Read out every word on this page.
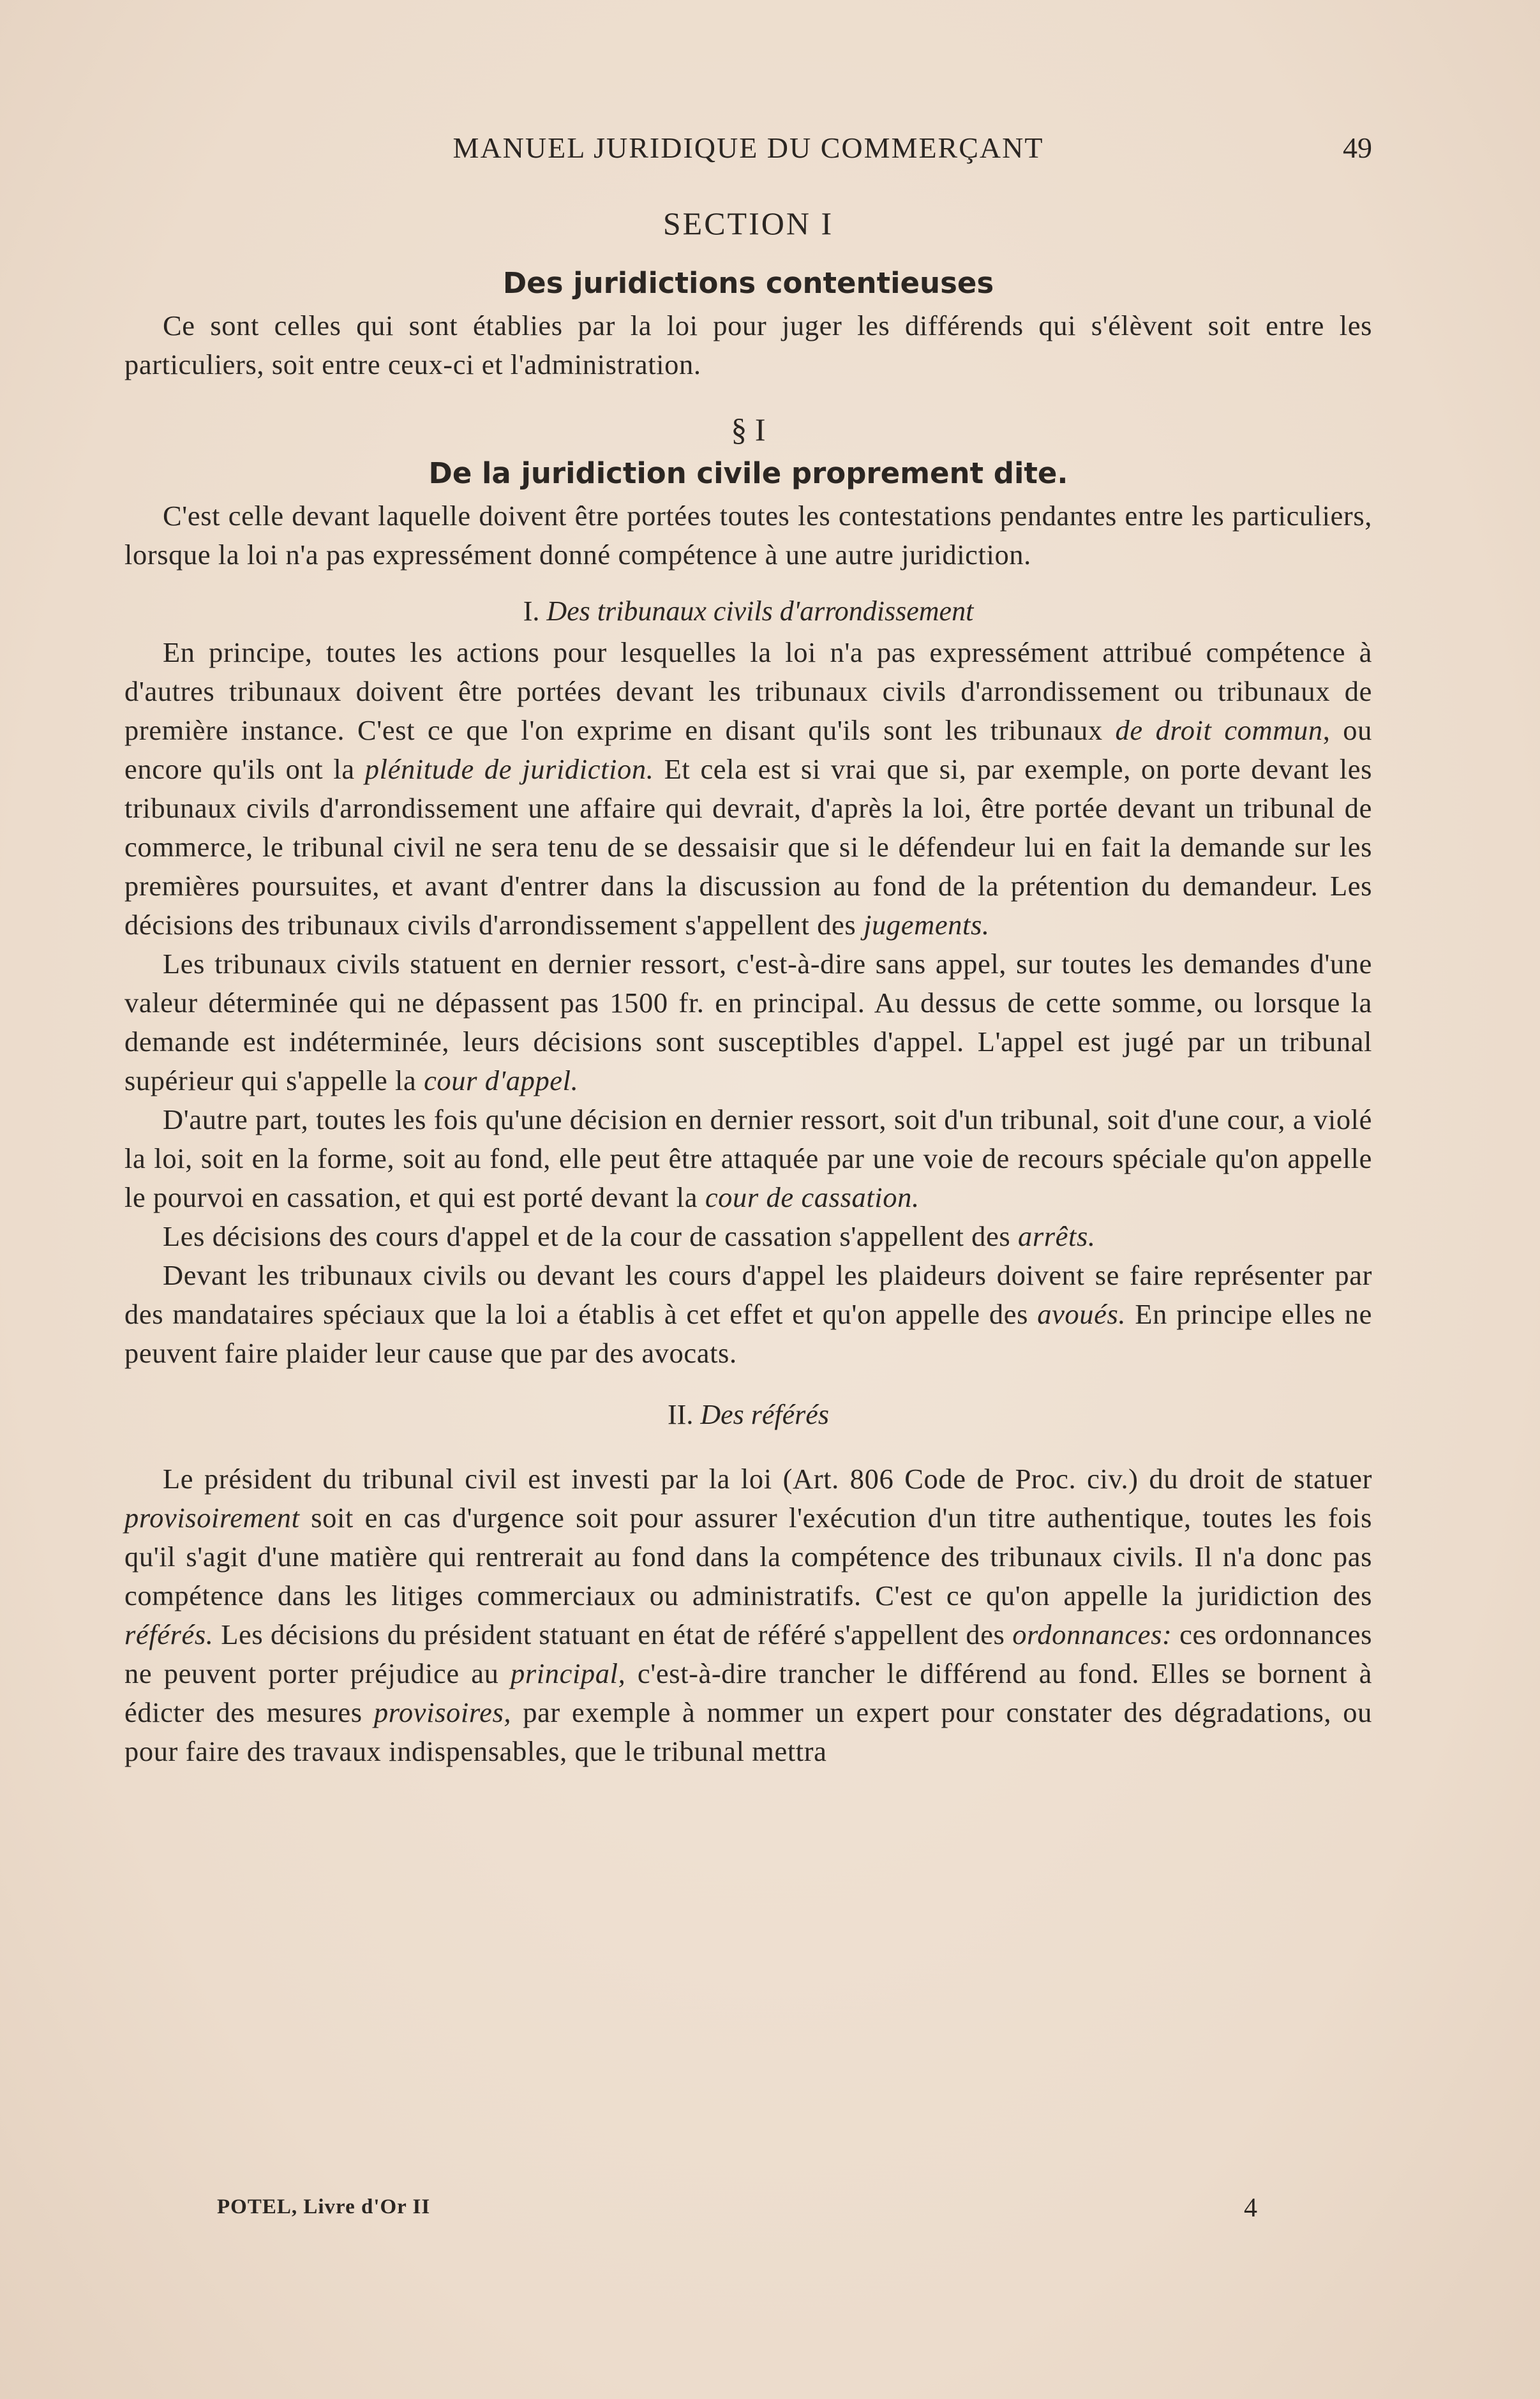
MANUEL JURIDIQUE DU COMMERÇANT	49
SECTION I
Des juridictions contentieuses

Ce sont celles qui sont établies par la loi pour juger les différends qui s'élèvent soit entre les particuliers, soit entre ceux-ci et l'administration.

§ I
De la juridiction civile proprement dite.

C'est celle devant laquelle doivent être portées toutes les contestations pendantes entre les particuliers, lorsque la loi n'a pas expressément donné compétence à une autre juridiction.

I. Des tribunaux civils d'arrondissement

En principe, toutes les actions pour lesquelles la loi n'a pas expressément attribué compétence à d'autres tribunaux doivent être portées devant les tribunaux civils d'arrondissement ou tribunaux de première instance. C'est ce que l'on exprime en disant qu'ils sont les tribunaux de droit commun, ou encore qu'ils ont la plénitude de juridiction. Et cela est si vrai que si, par exemple, on porte devant les tribunaux civils d'arrondissement une affaire qui devrait, d'après la loi, être portée devant un tribunal de commerce, le tribunal civil ne sera tenu de se dessaisir que si le défendeur lui en fait la demande sur les premières poursuites, et avant d'entrer dans la discussion au fond de la prétention du demandeur. Les décisions des tribunaux civils d'arrondissement s'appellent des jugements.

Les tribunaux civils statuent en dernier ressort, c'est-à-dire sans appel, sur toutes les demandes d'une valeur déterminée qui ne dépassent pas 1500 fr. en principal. Au dessus de cette somme, ou lorsque la demande est indéterminée, leurs décisions sont susceptibles d'appel. L'appel est jugé par un tribunal supérieur qui s'appelle la cour d'appel.

D'autre part, toutes les fois qu'une décision en dernier ressort, soit d'un tribunal, soit d'une cour, a violé la loi, soit en la forme, soit au fond, elle peut être attaquée par une voie de recours spéciale qu'on appelle le pourvoi en cassation, et qui est porté devant la cour de cassation.

Les décisions des cours d'appel et de la cour de cassation s'appellent des arrêts.

Devant les tribunaux civils ou devant les cours d'appel les plaideurs doivent se faire représenter par des mandataires spéciaux que la loi a établis à cet effet et qu'on appelle des avoués. En principe elles ne peuvent faire plaider leur cause que par des avocats.

II. Des référés

Le président du tribunal civil est investi par la loi (Art. 806 Code de Proc. civ.) du droit de statuer provisoirement soit en cas d'urgence soit pour assurer l'exécution d'un titre authentique, toutes les fois qu'il s'agit d'une matière qui rentrerait au fond dans la compétence des tribunaux civils. Il n'a donc pas compétence dans les litiges commerciaux ou administratifs. C'est ce qu'on appelle la juridiction des référés. Les décisions du président statuant en état de référé s'appellent des ordonnances: ces ordonnances ne peuvent porter préjudice au principal, c'est-à-dire trancher le différend au fond. Elles se bornent à édicter des mesures provisoires, par exemple à nommer un expert pour constater des dégradations, ou pour faire des travaux indispensables, que le tribunal mettra

POTEL, Livre d'Or II	4
